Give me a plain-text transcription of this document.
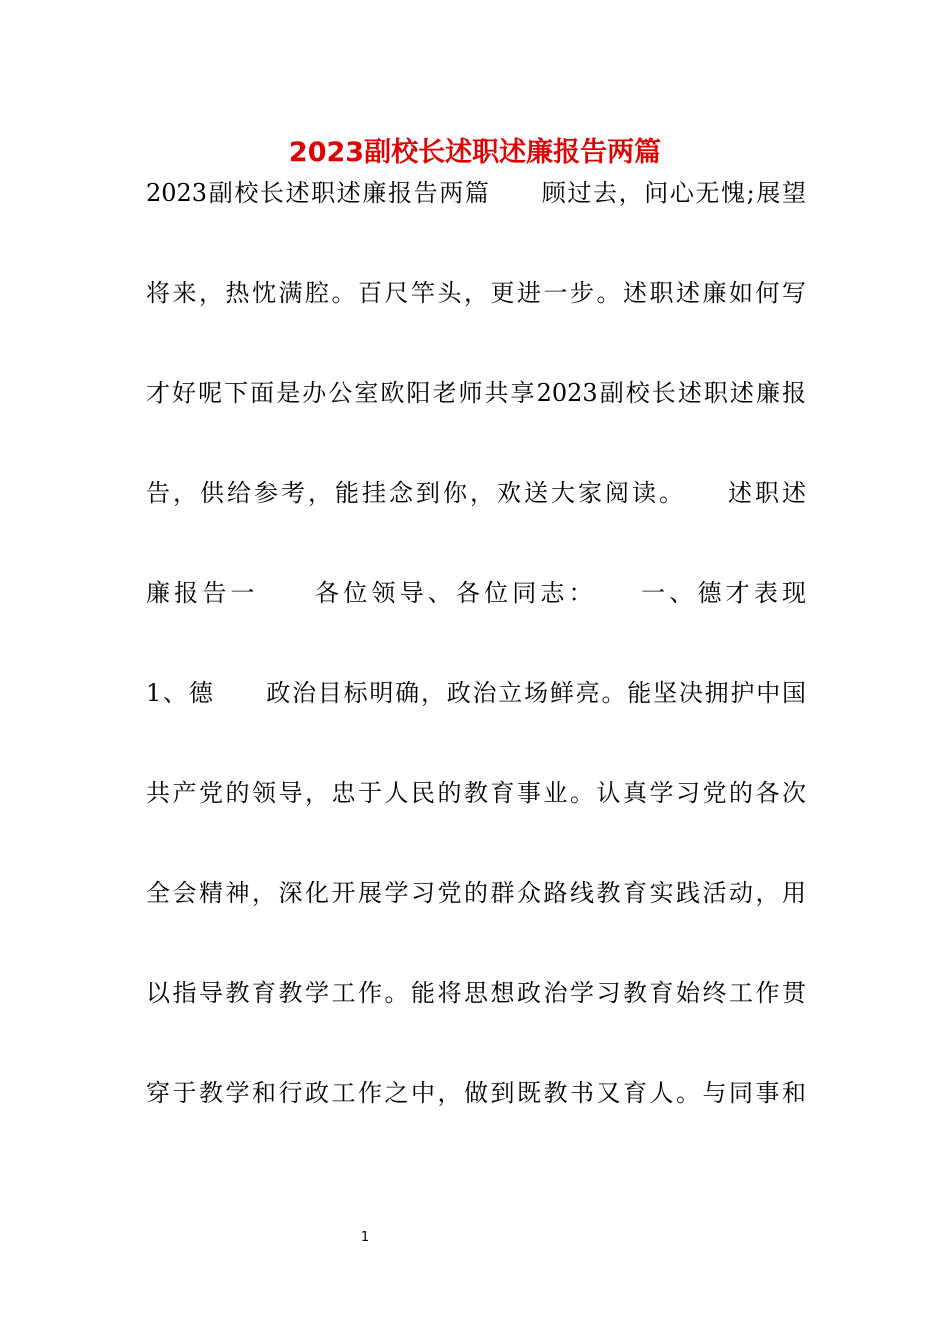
2023副校长述职述廉报告两篇
2023副校长述职述廉报告两篇　　顾过去，问心无愧;展望
将来，热忱满腔。百尺竿头，更进一步。述职述廉如何写
才好呢下面是办公室欧阳老师共享2023副校长述职述廉报
告，供给参考，能挂念到你，欢送大家阅读。　　述职述
廉报告一　　各位领导、各位同志：　　一、德才表现
1、德　　政治目标明确，政治立场鲜亮。能坚决拥护中国
共产党的领导，忠于人民的教育事业。认真学习党的各次
全会精神，深化开展学习党的群众路线教育实践活动，用
以指导教育教学工作。能将思想政治学习教育始终工作贯
穿于教学和行政工作之中，做到既教书又育人。与同事和
1
